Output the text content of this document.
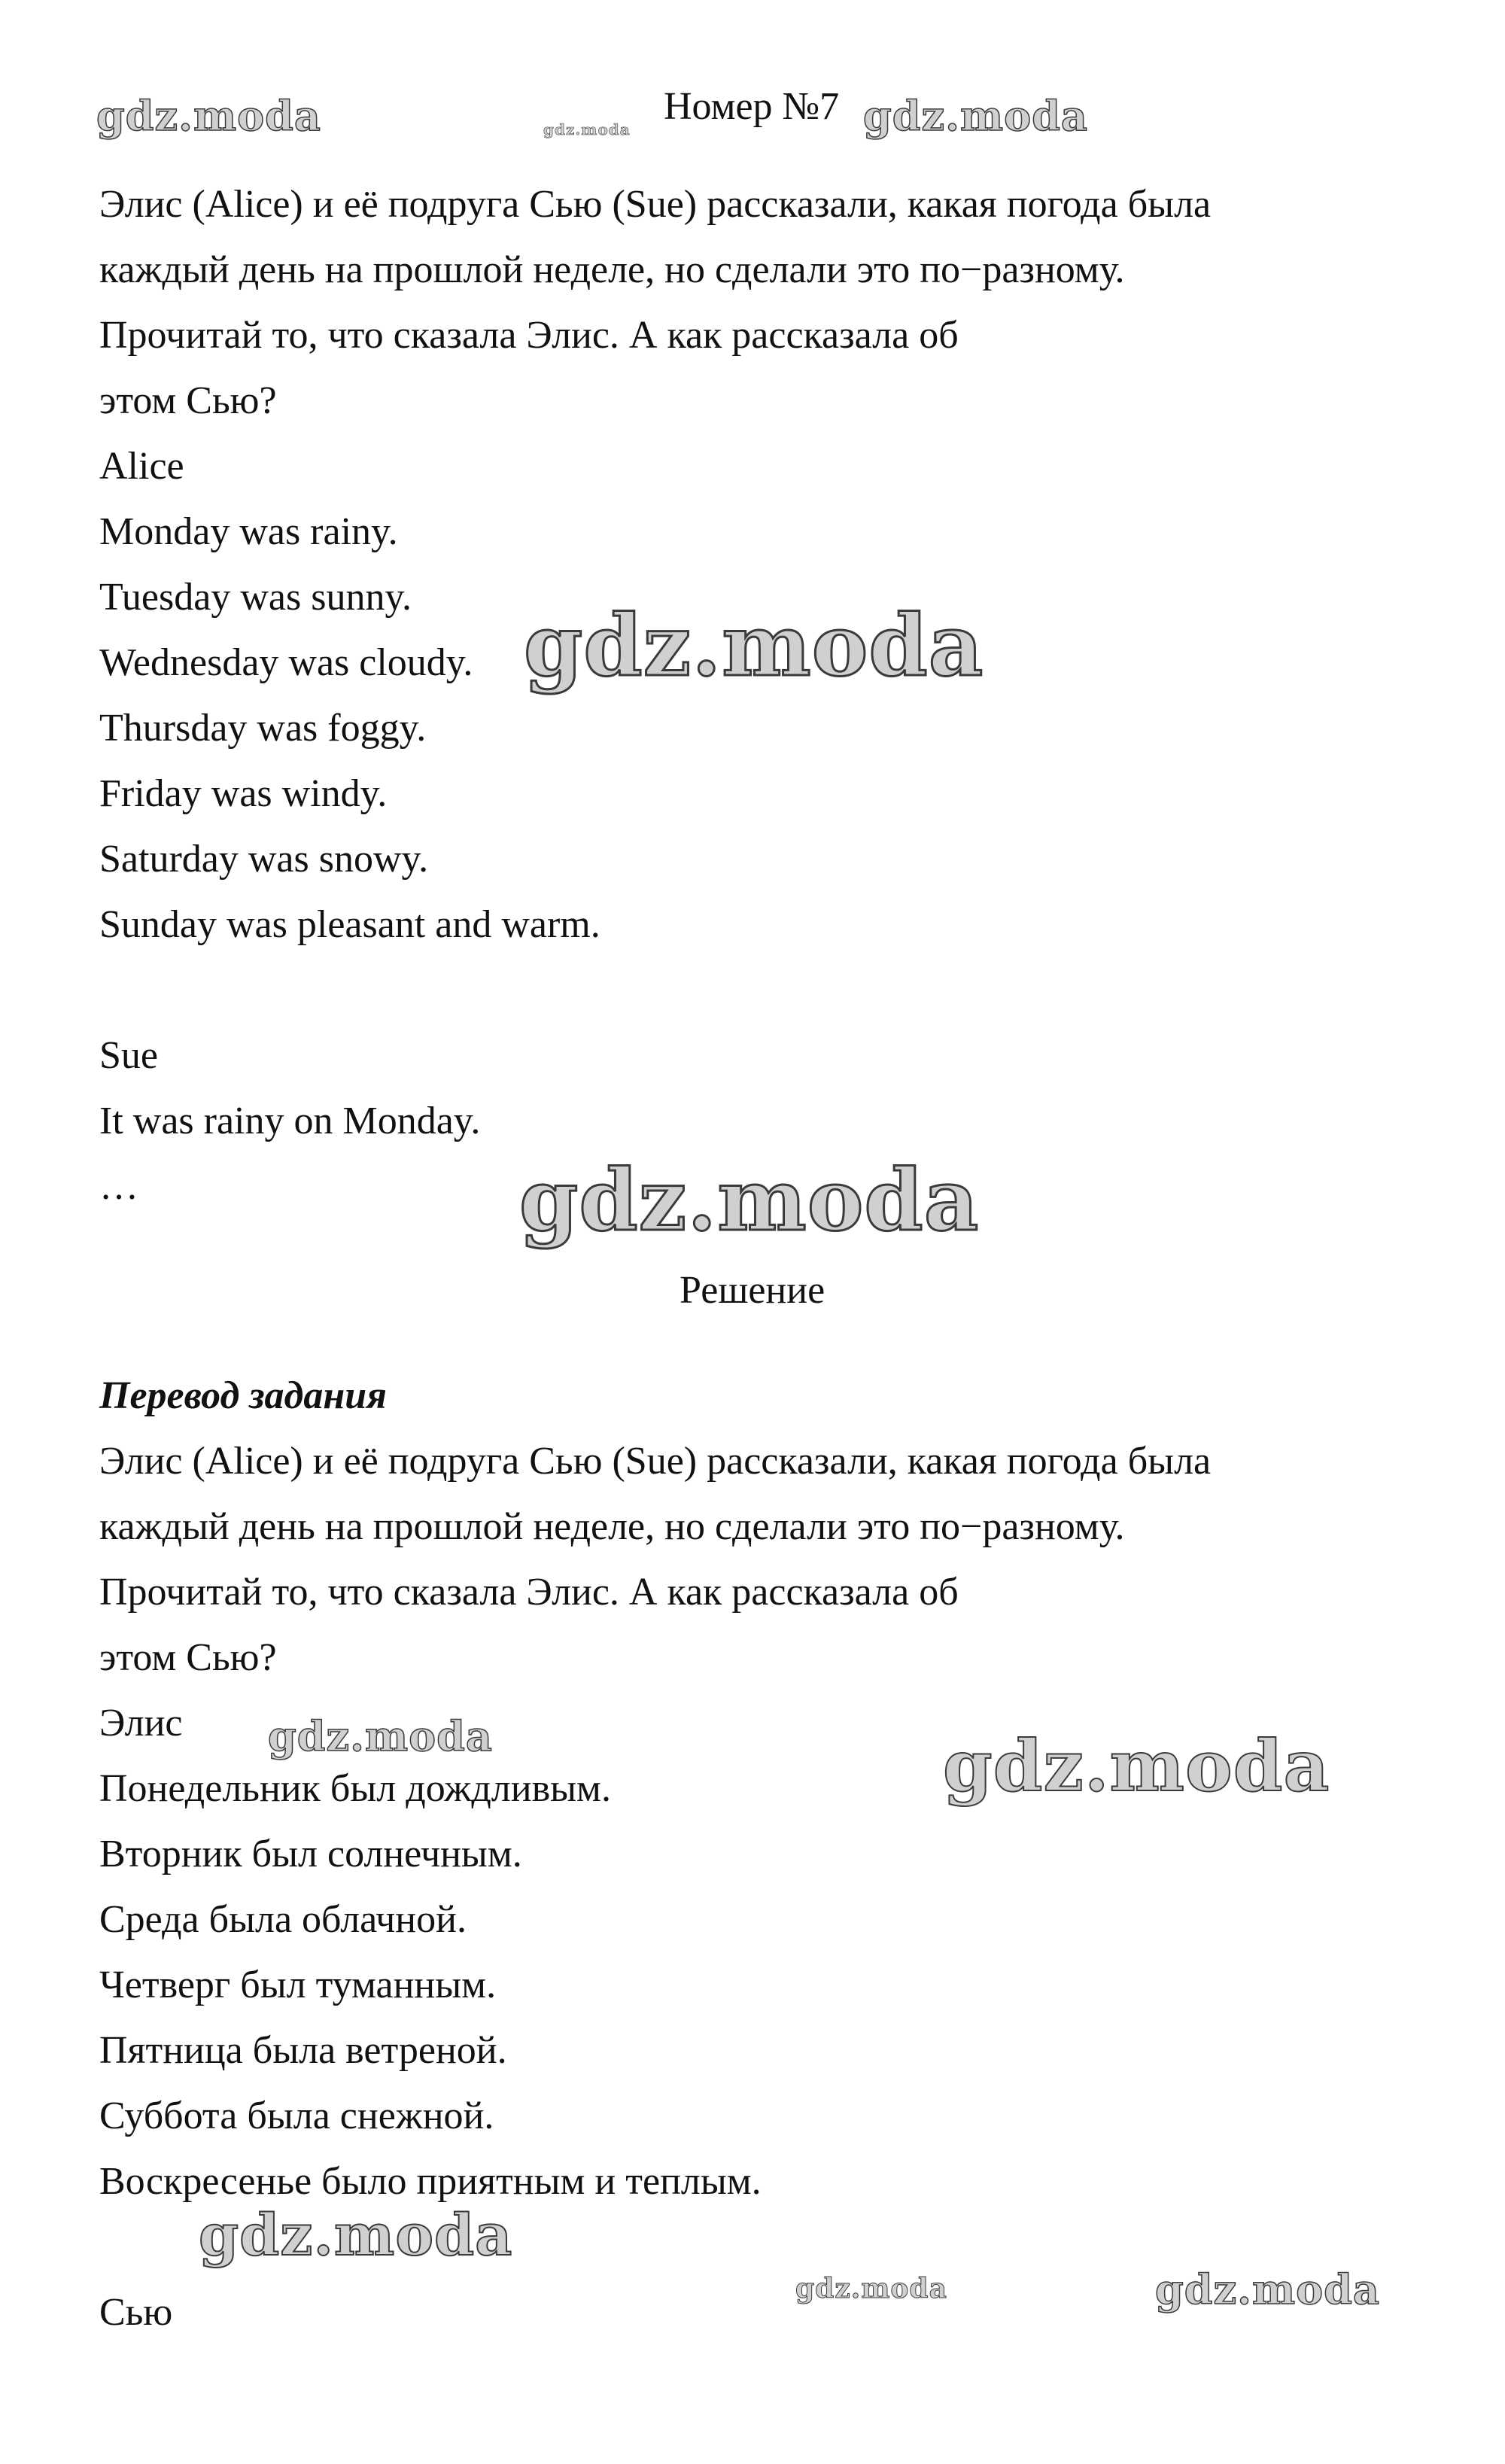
gdz.moda	gdz.moda	gdz.moda
gdz.moda
gdz.moda
gdz.moda	gdz.moda
gdz.moda
gdz.moda	gdz.moda
Номер №7
Элис (Alice) и её подруга Сью (Sue) рассказали, какая погода была
каждый день на прошлой неделе, но сделали это по−разному.
Прочитай то, что сказала Элис. А как рассказала об
этом Сью?
Alice
Monday was rainy.
Tuesday was sunny.
Wednesday was cloudy.
Thursday was foggy.
Friday was windy.
Saturday was snowy.
Sunday was pleasant and warm.
Sue
It was rainy on Monday.
…
Решение
Перевод задания
Элис (Alice) и её подруга Сью (Sue) рассказали, какая погода была
каждый день на прошлой неделе, но сделали это по−разному.
Прочитай то, что сказала Элис. А как рассказала об
этом Сью?
Элис
Понедельник был дождливым.
Вторник был солнечным.
Среда была облачной.
Четверг был туманным.
Пятница была ветреной.
Суббота была снежной.
Воскресенье было приятным и теплым.
Сью
